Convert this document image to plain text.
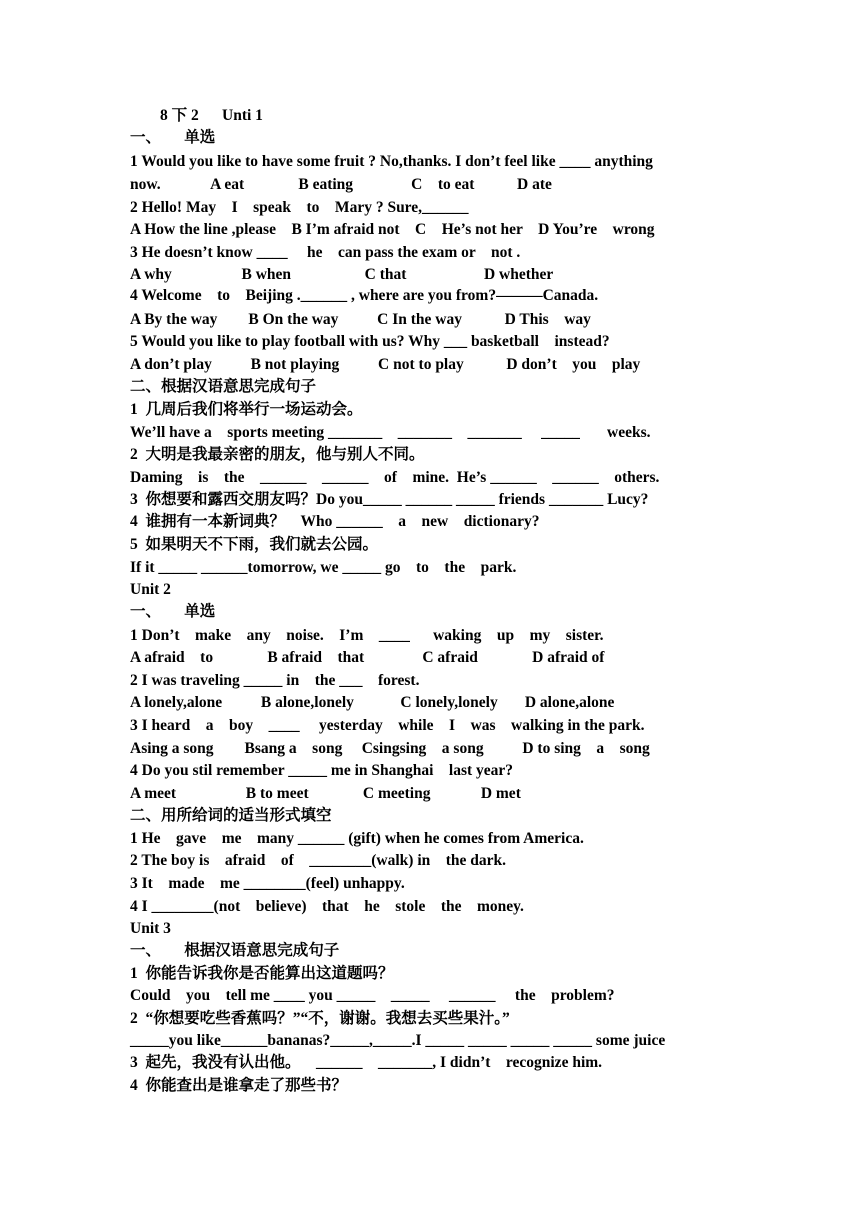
8 下 2      Unti 1
一、      单选
1 Would you like to have some fruit ? No,thanks. I don’t feel like ____ anything
now.             A eat              B eating               C    to eat           D ate
2 Hello! May    I    speak    to    Mary ? Sure,______
A How the line ,please    B I’m afraid not    C    He’s not her    D You’re    wrong
3 He doesn’t know ____     he    can pass the exam or    not .
A why                  B when                   C that                    D whether
4 Welcome    to    Beijing .______ , where are you from?———Canada.
A By the way        B On the way          C In the way           D This    way
5 Would you like to play football with us? Why ___ basketball    instead?
A don’t play          B not playing          C not to play           D don’t    you    play
二、根据汉语意思完成句子
1  几周后我们将举行一场运动会。
We’ll have a    sports meeting _______    _______    _______     _____       weeks.
2  大明是我最亲密的朋友，他与别人不同。
Daming    is    the    ______    ______    of    mine.  He’s ______    ______    others.
3  你想要和露西交朋友吗？Do you_____ ______ _____ friends _______ Lucy?
4  谁拥有一本新词典？    Who ______    a    new    dictionary?
5  如果明天不下雨，我们就去公园。
If it _____ ______tomorrow, we _____ go    to    the    park.
Unit 2
一、      单选
1 Don’t    make    any    noise.    I’m    ____      waking    up    my    sister.
A afraid    to              B afraid    that               C afraid              D afraid of
2 I was traveling _____ in    the ___    forest.
A lonely,alone          B alone,lonely            C lonely,lonely       D alone,alone
3 I heard    a    boy    ____     yesterday    while    I    was    walking in the park.
Asing a song        Bsang a    song     Csingsing    a song          D to sing    a    song
4 Do you stil remember _____ me in Shanghai    last year?
A meet                  B to meet              C meeting             D met
二、用所给词的适当形式填空
1 He    gave    me    many ______ (gift) when he comes from America.
2 The boy is    afraid    of    ________(walk) in    the dark.
3 It    made    me ________(feel) unhappy.
4 I ________(not    believe)    that    he    stole    the    money.
Unit 3
一、      根据汉语意思完成句子
1  你能告诉我你是否能算出这道题吗？
Could    you    tell me ____ you _____    _____     ______     the    problem?
2  “你想要吃些香蕉吗？”“不，谢谢。我想去买些果汁。”
_____you like______bananas?_____,_____.I _____ _____ _____ _____ some juice
3  起先，我没有认出他。    ______    _______, I didn’t    recognize him.
4  你能查出是谁拿走了那些书？
